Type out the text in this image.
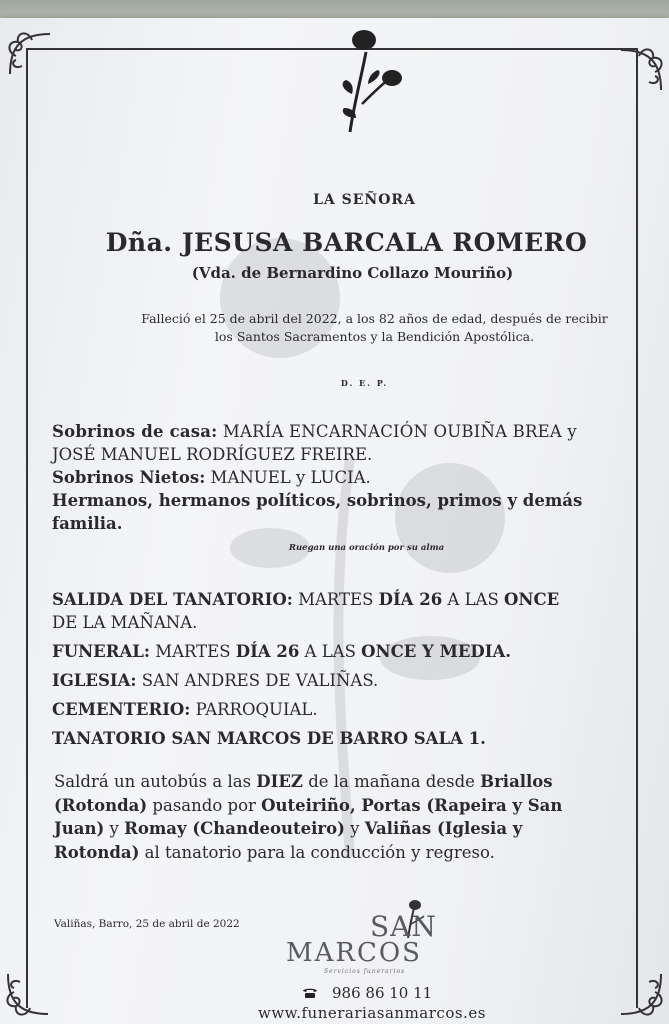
LA SEÑORA
Dña. JESUSA BARCALA ROMERO
(Vda. de Bernardino Collazo Mouriño)
Falleció el 25 de abril del 2022, a los 82 años de edad, después de recibir
los Santos Sacramentos y la Bendición Apostólica.
D. E. P.
Sobrinos de casa: MARÍA ENCARNACIÓN OUBIÑA BREA y
JOSÉ MANUEL RODRÍGUEZ FREIRE.
Sobrinos Nietos: MANUEL y LUCIA.
Hermanos, hermanos políticos, sobrinos, primos y demás
familia.
Ruegan una oración por su alma
SALIDA DEL TANATORIO: MARTES DÍA 26 A LAS ONCE
DE LA MAÑANA.
FUNERAL: MARTES DÍA 26 A LAS ONCE Y MEDIA.
IGLESIA: SAN ANDRES DE VALIÑAS.
CEMENTERIO: PARROQUIAL.
TANATORIO SAN MARCOS DE BARRO SALA 1.
Saldrá un autobús a las DIEZ de la mañana desde Briallos
(Rotonda) pasando por Outeiriño, Portas (Rapeira y San
Juan) y Romay (Chandeouteiro) y Valiñas (Iglesia y
Rotonda) al tanatorio para la conducción y regreso.
Valiñas, Barro, 25 de abril de 2022	SAN
MARCOS
Servicios funerarios
986 86 10 11
www.funerariasanmarcos.es
